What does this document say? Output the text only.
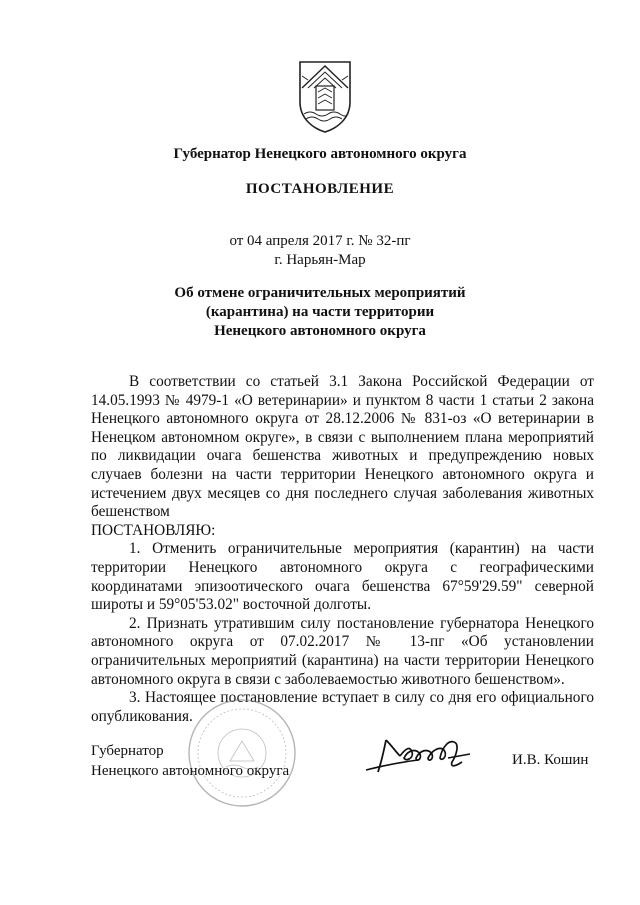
Губернатор Ненецкого автономного округа
ПОСТАНОВЛЕНИЕ
от 04 апреля 2017 г. № 32-пг
г. Нарьян-Мар
Об отмене ограничительных мероприятий
(карантина) на части территории
Ненецкого автономного округа

В соответствии со статьей 3.1 Закона Российской Федерации от 14.05.1993 № 4979-1 «О ветеринарии» и пунктом 8 части 1 статьи 2 закона Ненецкого автономного округа от 28.12.2006 № 831-оз «О ветеринарии в Ненецком автономном округе», в связи с выполнением плана мероприятий по ликвидации очага бешенства животных и предупреждению новых случаев болезни на части территории Ненецкого автономного округа и истечением двух месяцев со дня последнего случая заболевания животных бешенством

ПОСТАНОВЛЯЮ:

1. Отменить ограничительные мероприятия (карантин) на части территории Ненецкого автономного округа с географическими координатами эпизоотического очага бешенства 67°59'29.59" северной широты и 59°05'53.02" восточной долготы.

2. Признать утратившим силу постановление губернатора Ненецкого автономного округа от 07.02.2017 № 13-пг «Об установлении ограничительных мероприятий (карантина) на части территории Ненецкого автономного округа в связи с заболеваемостью животного бешенством».

3. Настоящее постановление вступает в силу со дня его официального опубликования.

Губернатор
Ненецкого автономного округа
И.В. Кошин
